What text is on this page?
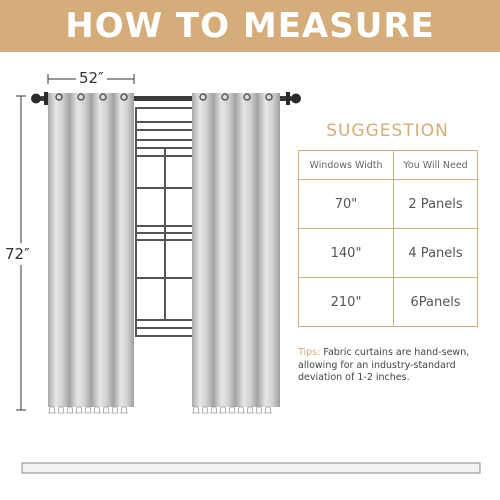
HOW TO MEASURE
52″
72″
SUGGESTION
Windows Width	You Will Need
70"	2 Panels
140"	4 Panels
210"	6Panels
Tips: Fabric curtains are hand-sewn, allowing for an industry-standard deviation of 1-2 inches.
